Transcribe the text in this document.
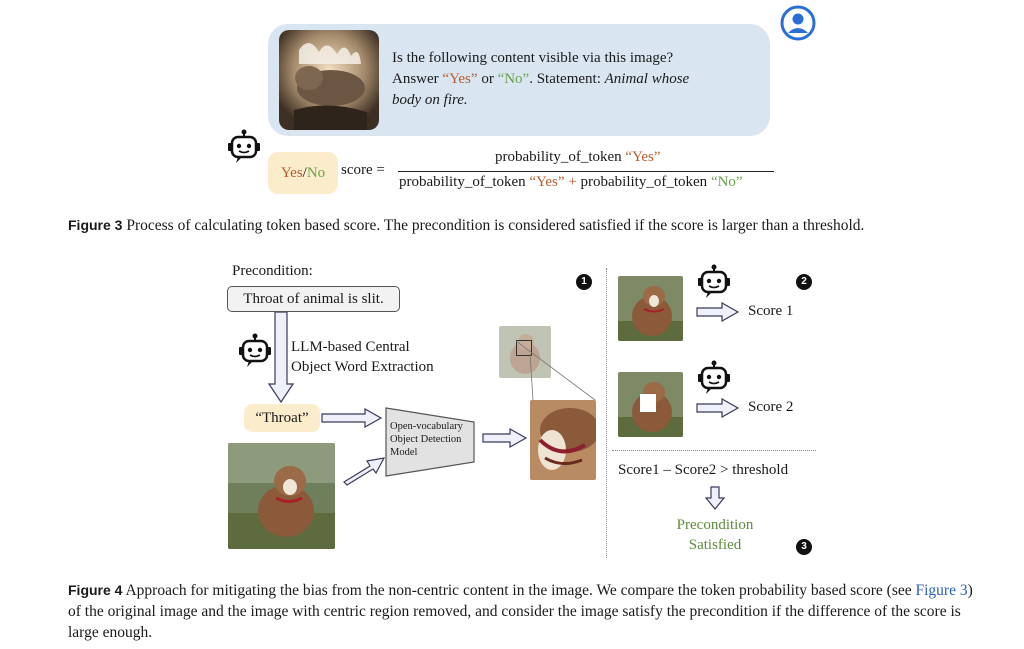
Is the following content visible via this image?
Answer “Yes” or “No”. Statement: Animal whose
body on fire.
Yes/No	score =
probability_of_token “Yes”
probability_of_token “Yes” + probability_of_token “No”
Figure 3 Process of calculating token based score. The precondition is considered satisfied if the score is larger than a threshold.
Precondition:
Throat of animal is slit.
LLM-based Central
Object Word Extraction
“Throat”
Open-vocabulary
Object Detection
Model
1
Score 1
2
Score 2
Score1 – Score2 > threshold
Precondition
Satisfied	3
Figure 4 Approach for mitigating the bias from the non-centric content in the image. We compare the token probability based score (see Figure 3) of the original image and the image with centric region removed, and consider the image satisfy the precondition if the difference of the score is large enough.
